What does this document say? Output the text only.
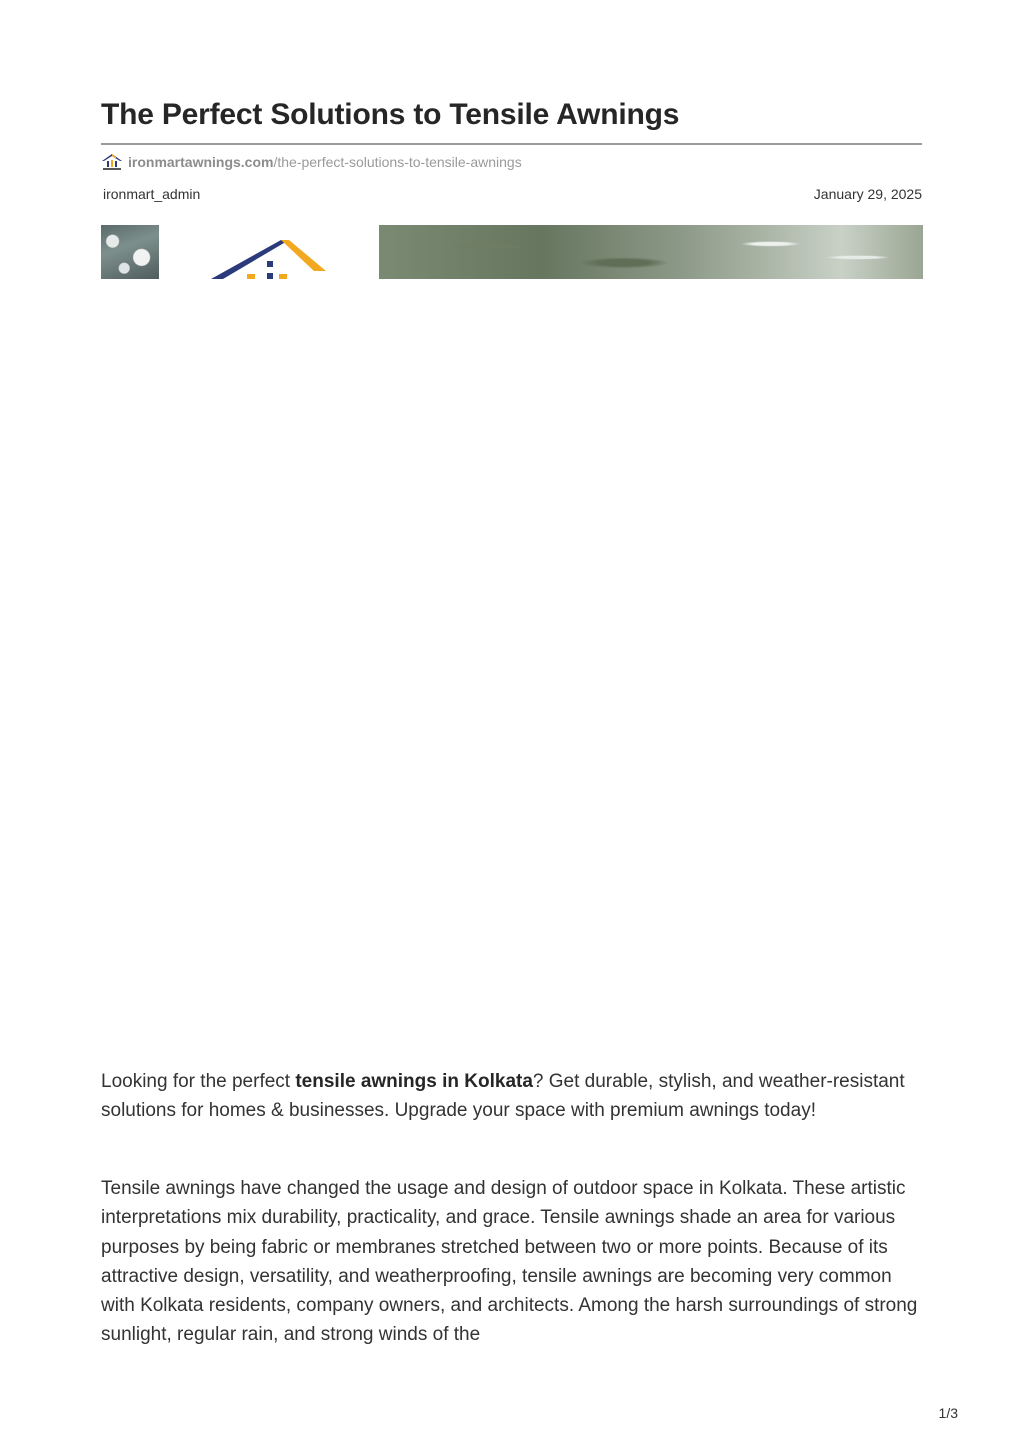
The Perfect Solutions to Tensile Awnings
ironmartawnings.com /the-perfect-solutions-to-tensile-awnings
ironmart_admin	January 29, 2025

Looking for the perfect tensile awnings in Kolkata? Get durable, stylish, and weather-resistant solutions for homes & businesses. Upgrade your space with premium awnings today!

Tensile awnings have changed the usage and design of outdoor space in Kolkata. These artistic interpretations mix durability, practicality, and grace. Tensile awnings shade an area for various purposes by being fabric or membranes stretched between two or more points. Because of its attractive design, versatility, and weatherproofing, tensile awnings are becoming very common with Kolkata residents, company owners, and architects. Among the harsh surroundings of strong sunlight, regular rain, and strong winds of the

1/3
